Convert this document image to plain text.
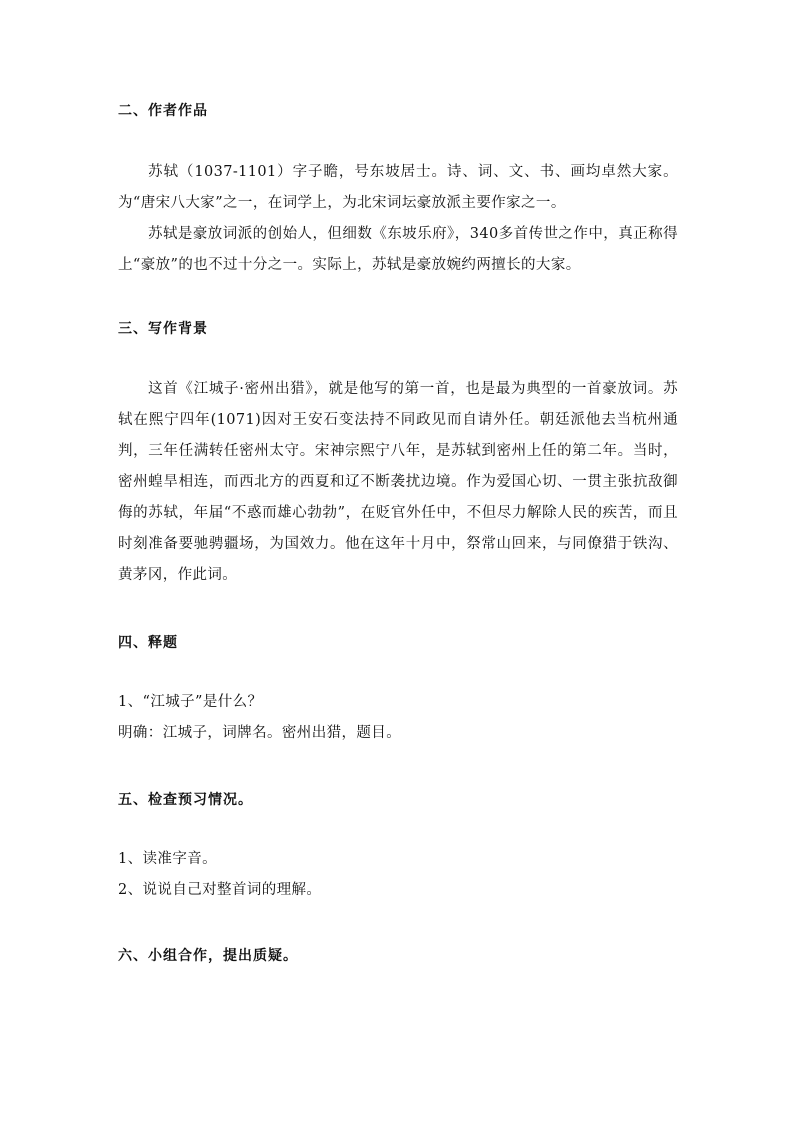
二、作者作品

苏轼（1037-1101）字子瞻，号东坡居士。诗、词、文、书、画均卓然大家。为“唐宋八大家”之一，在词学上，为北宋词坛豪放派主要作家之一。

苏轼是豪放词派的创始人，但细数《东坡乐府》，340多首传世之作中，真正称得上“豪放”的也不过十分之一。实际上，苏轼是豪放婉约两擅长的大家。

三、写作背景

这首《江城子·密州出猎》，就是他写的第一首，也是最为典型的一首豪放词。苏轼在熙宁四年(1071)因对王安石变法持不同政见而自请外任。朝廷派他去当杭州通判，三年任满转任密州太守。宋神宗熙宁八年，是苏轼到密州上任的第二年。当时，密州蝗旱相连，而西北方的西夏和辽不断袭扰边境。作为爱国心切、一贯主张抗敌御侮的苏轼，年届“不惑而雄心勃勃”，在贬官外任中，不但尽力解除人民的疾苦，而且时刻准备要驰骋疆场，为国效力。他在这年十月中，祭常山回来，与同僚猎于铁沟、黄茅冈，作此词。

四、释题

1、“江城子”是什么？

明确：江城子，词牌名。密州出猎，题目。

五、检查预习情况。

1、读准字音。

2、说说自己对整首词的理解。

六、小组合作，提出质疑。
